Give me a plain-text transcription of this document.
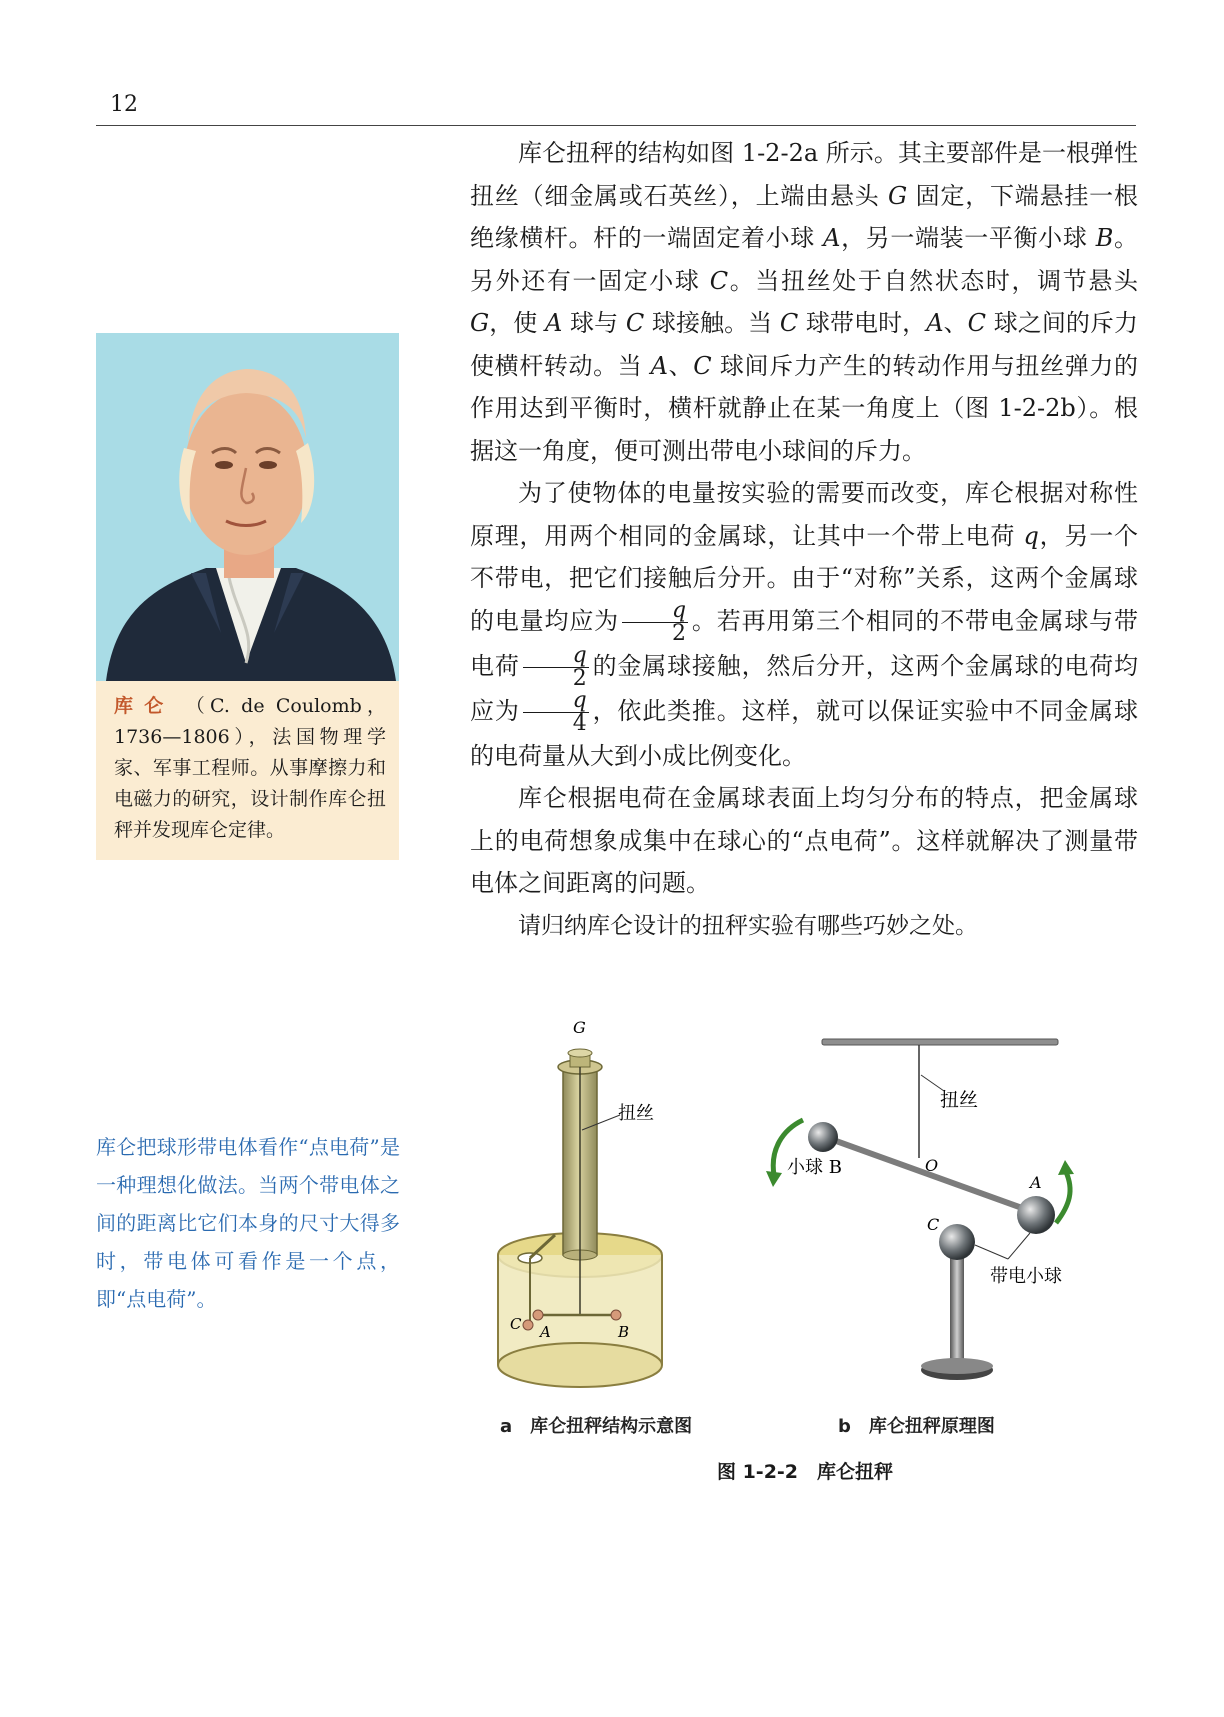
12

库仑扭秤的结构如图 1-2-2a 所示。其主要部件是一根弹性扭丝（细金属或石英丝），上端由悬头 G 固定，下端悬挂一根绝缘横杆。杆的一端固定着小球 A，另一端装一平衡小球 B。另外还有一固定小球 C。当扭丝处于自然状态时，调节悬头 G，使 A 球与 C 球接触。当 C 球带电时，A、C 球之间的斥力使横杆转动。当 A、C 球间斥力产生的转动作用与扭丝弹力的作用达到平衡时，横杆就静止在某一角度上（图 1-2-2b）。根据这一角度，便可测出带电小球间的斥力。

为了使物体的电量按实验的需要而改变，库仑根据对称性原理，用两个相同的金属球，让其中一个带上电荷 q，另一个不带电，把它们接触后分开。由于“对称”关系，这两个金属球的电量均应为 $\frac{q}{2}$ 。若再用第三个相同的不带电金属球与带电荷 $\frac{q}{2}$ 的金属球接触，然后分开，这两个金属球的电荷均应为 $\frac{q}{4}$ ，依此类推。这样，就可以保证实验中不同金属球的电荷量从大到小成比例变化。

库仑根据电荷在金属球表面上均匀分布的特点，把金属球上的电荷想象成集中在球心的“点电荷”。这样就解决了测量带电体之间距离的问题。

请归纳库仑设计的扭秤实验有哪些巧妙之处。

库仑 （C. de Coulomb，1736—1806），法国物理学家、军事工程师。从事摩擦力和电磁力的研究，设计制作库仑扭秤并发现库仑定律。
库仑把球形带电体看作“点电荷”是一种理想化做法。当两个带电体之间的距离比它们本身的尺寸大得多时，带电体可看作是一个点，即“点电荷”。
G
扭丝
C A	B
扭丝
O
小球 B
A
C
带电小球
a　库仑扭秤结构示意图	b　库仑扭秤原理图
图 1-2-2　库仑扭秤
